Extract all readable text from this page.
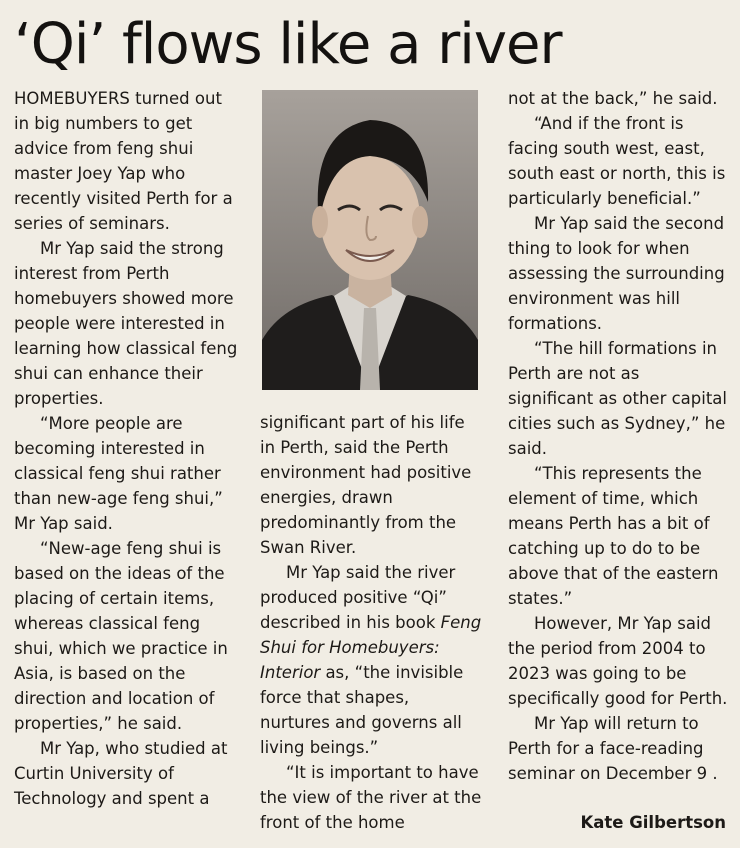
‘Qi’ flows like a river

HOMEBUYERS turned out in big numbers to get advice from feng shui master Joey Yap who recently visited Perth for a series of seminars.

Mr Yap said the strong interest from Perth homebuyers showed more people were interested in learning how classical feng shui can enhance their properties.

“More people are becoming interested in classical feng shui rather than new-age feng shui,” Mr Yap said.

“New-age feng shui is based on the ideas of the placing of certain items, whereas classical feng shui, which we practice in Asia, is based on the direction and location of properties,” he said.

Mr Yap, who studied at Curtin University of Technology and spent a

significant part of his life in Perth, said the Perth environment had positive energies, drawn predominantly from the Swan River.

Mr Yap said the river produced positive “Qi” described in his book Feng Shui for Homebuyers: Interior as, “the invisible force that shapes, nurtures and governs all living beings.”

“It is important to have the view of the river at the front of the home

not at the back,” he said.

“And if the front is facing south west, east, south east or north, this is particularly beneficial.”

Mr Yap said the second thing to look for when assessing the surrounding environment was hill formations.

“The hill formations in Perth are not as significant as other capital cities such as Sydney,” he said.

“This represents the element of time, which means Perth has a bit of catching up to do to be above that of the eastern states.”

However, Mr Yap said the period from 2004 to 2023 was going to be specifically good for Perth.

Mr Yap will return to Perth for a face-reading seminar on December 9 .

Kate Gilbertson
